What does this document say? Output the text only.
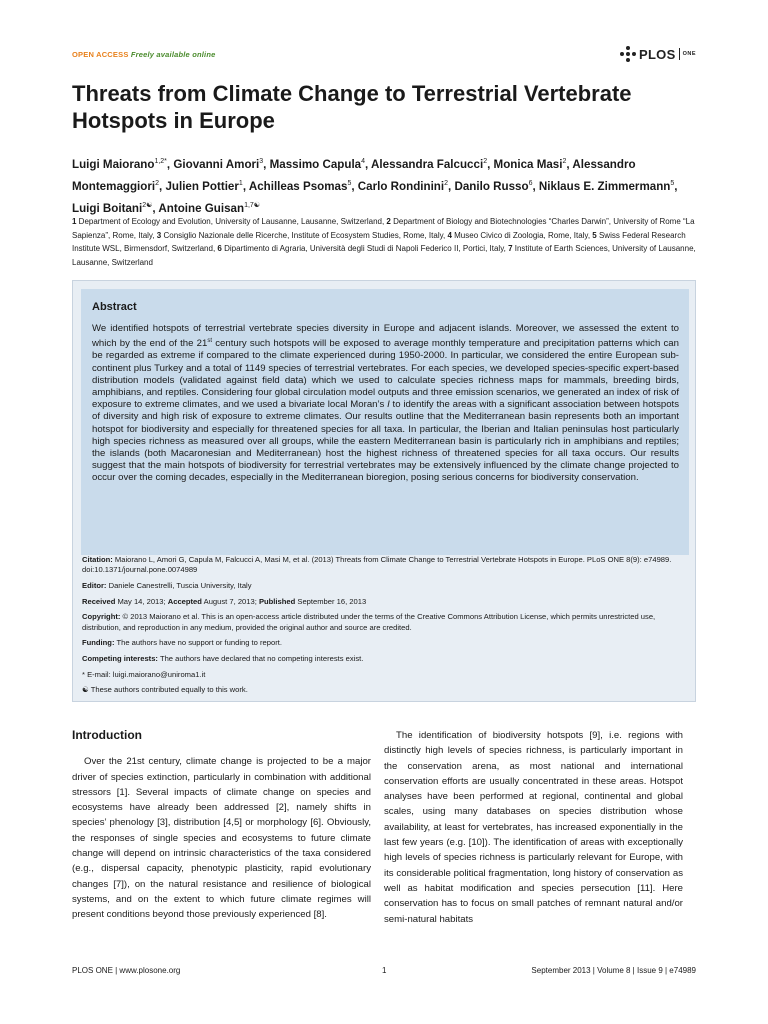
OPEN ACCESS Freely available online	PLOS ONE
Threats from Climate Change to Terrestrial Vertebrate Hotspots in Europe
Luigi Maiorano$^{1,2*}$, Giovanni Amori$^3$, Massimo Capula$^4$, Alessandra Falcucci$^2$, Monica Masi$^2$, Alessandro Montemaggiori$^2$, Julien Pottier$^1$, Achilleas Psomas$^5$, Carlo Rondinini$^2$, Danilo Russo$^6$, Niklaus E. Zimmermann$^5$, Luigi Boitani$^{2☯}$, Antoine Guisan$^{1,7☯}$
1 Department of Ecology and Evolution, University of Lausanne, Lausanne, Switzerland, 2 Department of Biology and Biotechnologies “Charles Darwin”, University of Rome “La Sapienza”, Rome, Italy, 3 Consiglio Nazionale delle Ricerche, Institute of Ecosystem Studies, Rome, Italy, 4 Museo Civico di Zoologia, Rome, Italy, 5 Swiss Federal Research Institute WSL, Birmensdorf, Switzerland, 6 Dipartimento di Agraria, Università degli Studi di Napoli Federico II, Portici, Italy, 7 Institute of Earth Sciences, University of Lausanne, Lausanne, Switzerland
Abstract

We identified hotspots of terrestrial vertebrate species diversity in Europe and adjacent islands. Moreover, we assessed the extent to which by the end of the 21st century such hotspots will be exposed to average monthly temperature and precipitation patterns which can be regarded as extreme if compared to the climate experienced during 1950-2000. In particular, we considered the entire European sub-continent plus Turkey and a total of 1149 species of terrestrial vertebrates. For each species, we developed species-specific expert-based distribution models (validated against field data) which we used to calculate species richness maps for mammals, breeding birds, amphibians, and reptiles. Considering four global circulation model outputs and three emission scenarios, we generated an index of risk of exposure to extreme climates, and we used a bivariate local Moran’s I to identify the areas with a significant association between hotspots of diversity and high risk of exposure to extreme climates. Our results outline that the Mediterranean basin represents both an important hotspot for biodiversity and especially for threatened species for all taxa. In particular, the Iberian and Italian peninsulas host particularly high species richness as measured over all groups, while the eastern Mediterranean basin is particularly rich in amphibians and reptiles; the islands (both Macaronesian and Mediterranean) host the highest richness of threatened species for all taxa occurs. Our results suggest that the main hotspots of biodiversity for terrestrial vertebrates may be extensively influenced by the climate change projected to occur over the coming decades, especially in the Mediterranean bioregion, posing serious concerns for biodiversity conservation.

Citation: Maiorano L, Amori G, Capula M, Falcucci A, Masi M, et al. (2013) Threats from Climate Change to Terrestrial Vertebrate Hotspots in Europe. PLoS ONE 8(9): e74989. doi:10.1371/journal.pone.0074989
Editor: Daniele Canestrelli, Tuscia University, Italy
Received May 14, 2013; Accepted August 7, 2013; Published September 16, 2013
Copyright: © 2013 Maiorano et al. This is an open-access article distributed under the terms of the Creative Commons Attribution License, which permits unrestricted use, distribution, and reproduction in any medium, provided the original author and source are credited.
Funding: The authors have no support or funding to report.
Competing interests: The authors have declared that no competing interests exist.
* E-mail: luigi.maiorano@uniroma1.it
☯ These authors contributed equally to this work.
Introduction

Over the 21st century, climate change is projected to be a major driver of species extinction, particularly in combination with additional stressors [1]. Several impacts of climate change on species and ecosystems have already been addressed [2], namely shifts in species’ phenology [3], distribution [4,5] or morphology [6]. Obviously, the responses of single species and ecosystems to future climate change will depend on intrinsic characteristics of the taxa considered (e.g., dispersal capacity, phenotypic plasticity, rapid evolutionary changes [7]), on the natural resistance and resilience of biological systems, and on the extent to which future climate regimes will present conditions beyond those previously experienced [8].

The identification of biodiversity hotspots [9], i.e. regions with distinctly high levels of species richness, is particularly important in the conservation arena, as most national and international conservation efforts are usually concentrated in these areas. Hotspot analyses have been performed at regional, continental and global scales, using many databases on species distribution whose availability, at least for vertebrates, has increased exponentially in the last few years (e.g. [10]). The identification of areas with exceptionally high levels of species richness is particularly relevant for Europe, with its considerable political fragmentation, long history of conservation as well as habitat modification and species persecution [11]. Here conservation has to focus on small patches of remnant natural and/or semi-natural habitats

PLOS ONE | www.plosone.org	1	September 2013 | Volume 8 | Issue 9 | e74989
